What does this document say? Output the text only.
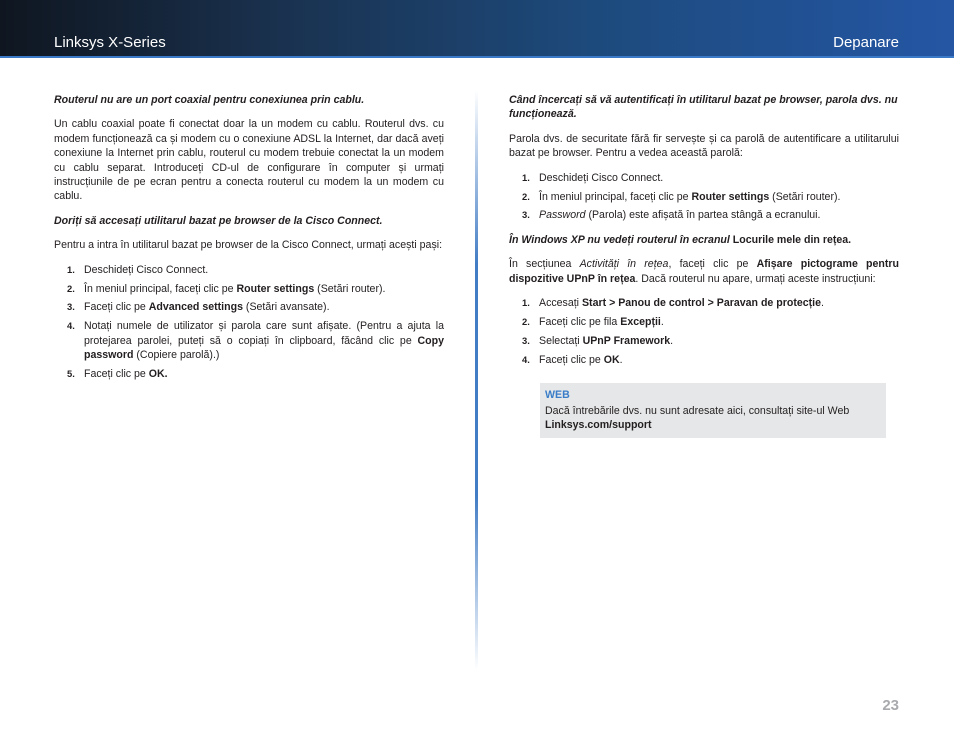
Linksys X-Series	Depanare
Routerul nu are un port coaxial pentru conexiunea prin cablu.
Un cablu coaxial poate fi conectat doar la un modem cu cablu. Routerul dvs. cu modem funcționează ca și modem cu o conexiune ADSL la Internet, dar dacă aveți conexiune la Internet prin cablu, routerul cu modem trebuie conectat la un modem cu cablu separat. Introduceți CD-ul de configurare în computer și urmați instrucțiunile de pe ecran pentru a conecta routerul cu modem la un modem cu cablu.
Doriți să accesați utilitarul bazat pe browser de la Cisco Connect.
Pentru a intra în utilitarul bazat pe browser de la Cisco Connect, urmați acești pași:
1. Deschideți Cisco Connect.
2. În meniul principal, faceți clic pe Router settings (Setări router).
3. Faceți clic pe Advanced settings (Setări avansate).
4. Notați numele de utilizator și parola care sunt afișate. (Pentru a ajuta la protejarea parolei, puteți să o copiați în clipboard, făcând clic pe Copy password (Copiere parolă).)
5. Faceți clic pe OK.
Când încercați să vă autentificați în utilitarul bazat pe browser, parola dvs. nu funcționează.
Parola dvs. de securitate fără fir servește și ca parolă de autentificare a utilitarului bazat pe browser. Pentru a vedea această parolă:
1. Deschideți Cisco Connect.
2. În meniul principal, faceți clic pe Router settings (Setări router).
3. Password (Parola) este afișată în partea stângă a ecranului.
În Windows XP nu vedeți routerul în ecranul Locurile mele din rețea.
În secțiunea Activități în rețea, faceți clic pe Afișare pictograme pentru dispozitive UPnP în rețea. Dacă routerul nu apare, urmați aceste instrucțiuni:
1. Accesați Start > Panou de control > Paravan de protecție.
2. Faceți clic pe fila Excepții.
3. Selectați UPnP Framework.
4. Faceți clic pe OK.
WEB
Dacă întrebările dvs. nu sunt adresate aici, consultați site-ul Web Linksys.com/support
23
